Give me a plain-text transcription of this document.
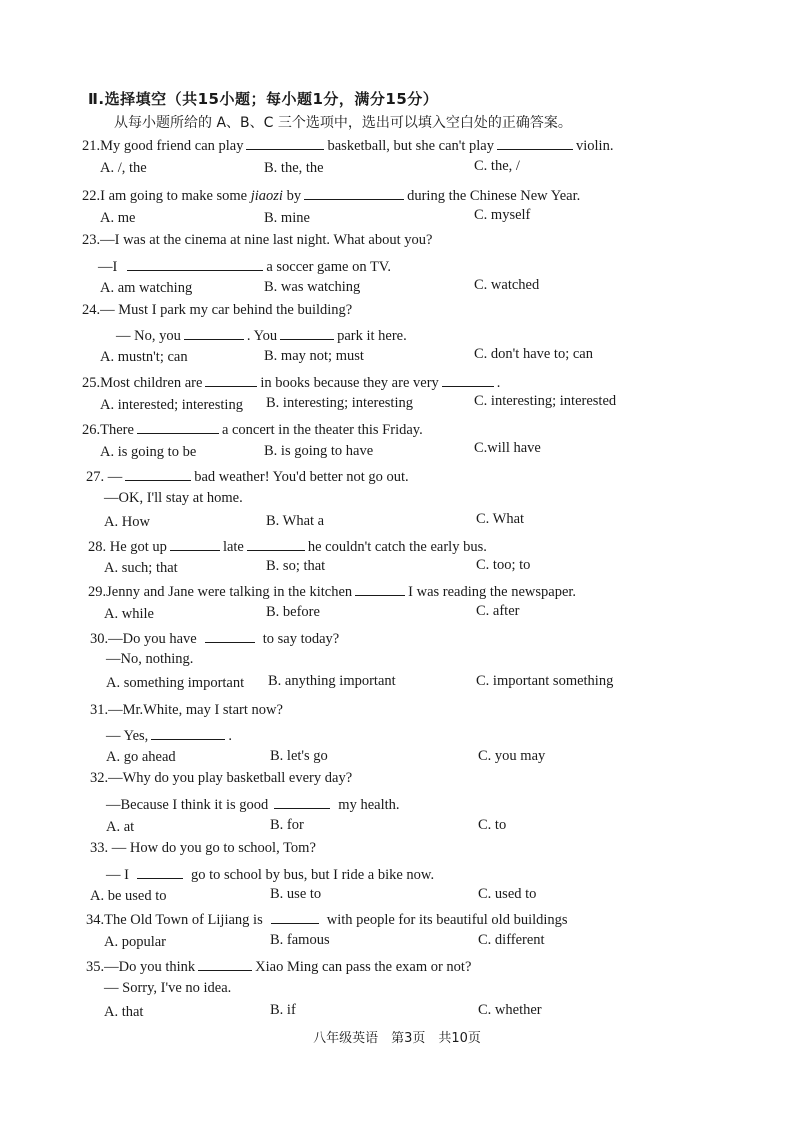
Ⅱ.选择填空（共15小题；每小题1分，满分15分）
从每小题所给的 A、B、C 三个选项中，选出可以填入空白处的正确答案。
21. My good friend can play	basketball, but she can't play	violin.
A. /, the	B. the, the	C. the, /
22. I am going to make some
jiaozi
by	during the Chinese New Year.
A. me	B. mine	C. myself
23. —I was at the cinema at nine last night. What about you?
—I	a soccer game on TV.
A. am watching	B. was watching	C. watched
24. — Must I park my car behind the building?
— No, you	. You	park it here.
A. mustn't; can	B. may not; must	C. don't have to; can
25. Most children are	in books because they are very	.
A. interested; interesting B. interesting; interesting	C. interesting; interested
26. There	a concert in the theater this Friday.
A. is going to be	B. is going to have	C.will have
27.
—	bad weather! You'd better not go out.
—OK, I'll stay at home.
A. How	B. What a	C. What
28.
He got up	late	he couldn't catch the early bus.
A. such; that	B. so; that	C. too; to
29. Jenny and Jane were talking in the kitchen	I was reading the newspaper.
A. while	B. before	C. after
30. —Do you have	to say today?
—No, nothing.
A. something important B. anything important	C. important something
31. —Mr.White, may I start now?
— Yes,	.
A. go ahead	B. let's go	C. you may
32. —Why do you play basketball every day?
—Because I think it is good	my health.
A. at	B. for	C. to
33.
— How do you go to school, Tom?
— I	go to school by bus, but I ride a bike now.
A. be used to	B. use to	C. used to
34. The Old Town of Lijiang is	with people for its beautiful old buildings
A. popular	B. famous	C. different
35. —Do you think	Xiao Ming can pass the exam or not?
— Sorry, I've no idea.
A. that	B. if	C. whether
八年级英语　第3页　共10页
